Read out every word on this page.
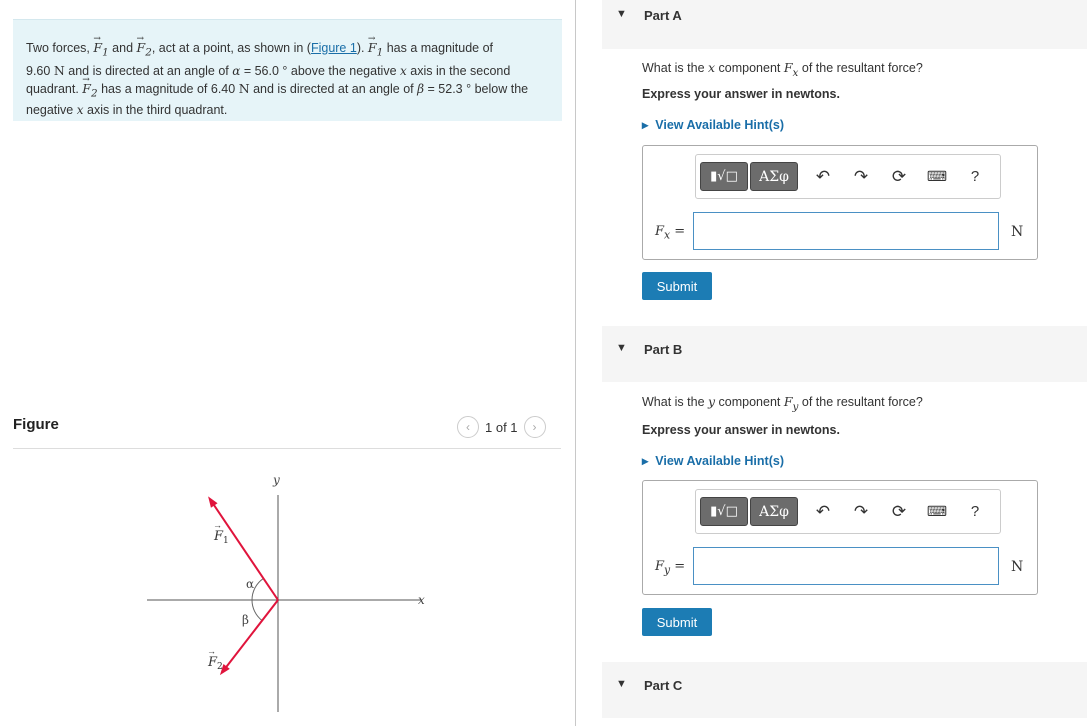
Two forces, → $F_1$ and → $F_2$, act at a point, as shown in (Figure 1). → $F_1$ has a magnitude of
9.60 N and is directed at an angle of α = 56.0 ° above the negative x axis in the second quadrant. → $F_2$ has a magnitude of 6.40 N and is directed at an angle of β = 52.3 ° below the negative x axis in the third quadrant.
Figure	‹	1 of 1	›
y
x
α
β
F 1
→
F 2
→
▼ Part A
What is the x component $F_x$ of the resultant force?
Express your answer in newtons.
▸  View Available Hint(s)
▮√□	ΑΣφ	↶	↷	⟳	⌨	?
$F_x$ =	N
Submit
▼ Part B
What is the y component $F_y$ of the resultant force?
Express your answer in newtons.
▸  View Available Hint(s)
▮√□	ΑΣφ	↶	↷	⟳	⌨	?
$F_y$ =	N
Submit
▼ Part C
